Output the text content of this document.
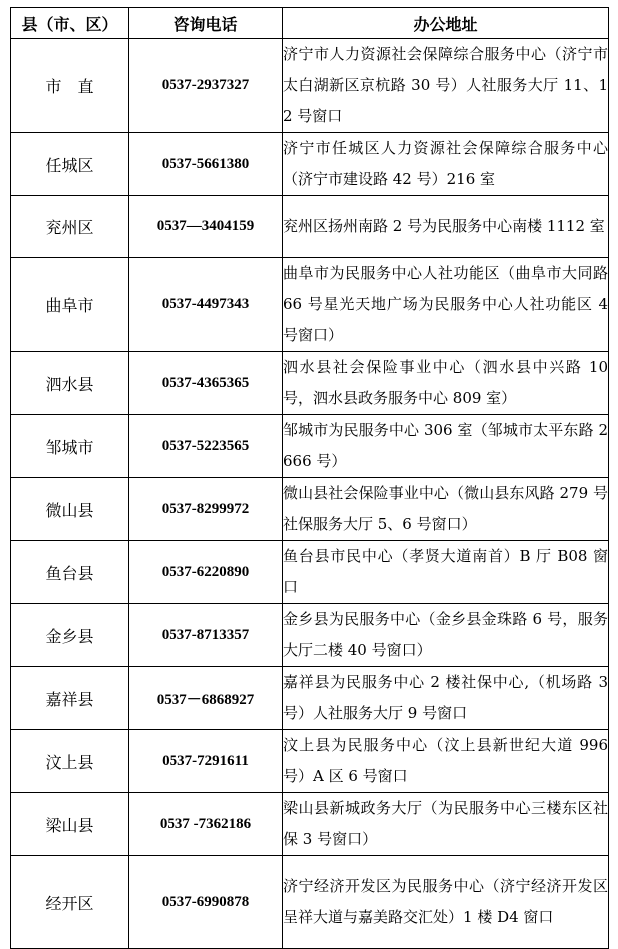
县（市、区）	咨询电话	办公地址
市　直	0537-2937327	济宁市人力资源社会保障综合服务中心（济宁市太白湖新区京杭路 30 号）人社服务大厅 11、12 号窗口
任城区	0537-5661380	济宁市任城区人力资源社会保障综合服务中心（济宁市建设路 42 号）216 室
兖州区	0537—3404159	兖州区扬州南路 2 号为民服务中心南楼 1112 室
曲阜市	0537-4497343	曲阜市为民服务中心人社功能区（曲阜市大同路 66 号星光天地广场为民服务中心人社功能区 4 号窗口）
泗水县	0537-4365365	泗水县社会保险事业中心（泗水县中兴路 10 号，泗水县政务服务中心 809 室）
邹城市	0537-5223565	邹城市为民服务中心 306 室（邹城市太平东路 2666 号）
微山县	0537-8299972	微山县社会保险事业中心（微山县东风路 279 号社保服务大厅 5、6 号窗口）
鱼台县	0537-6220890	鱼台县市民中心（孝贤大道南首）B 厅 B08 窗口
金乡县	0537-8713357	金乡县为民服务中心（金乡县金珠路 6 号，服务大厅二楼 40 号窗口）
嘉祥县	0537－6868927	嘉祥县为民服务中心 2 楼社保中心,（机场路 3 号）人社服务大厅 9 号窗口
汶上县	0537-7291611	汶上县为民服务中心（汶上县新世纪大道 996 号）A 区 6 号窗口
梁山县	0537 -7362186	梁山县新城政务大厅（为民服务中心三楼东区社保 3 号窗口）
经开区	0537-6990878	济宁经济开发区为民服务中心（济宁经济开发区呈祥大道与嘉美路交汇处）1 楼 D4 窗口
